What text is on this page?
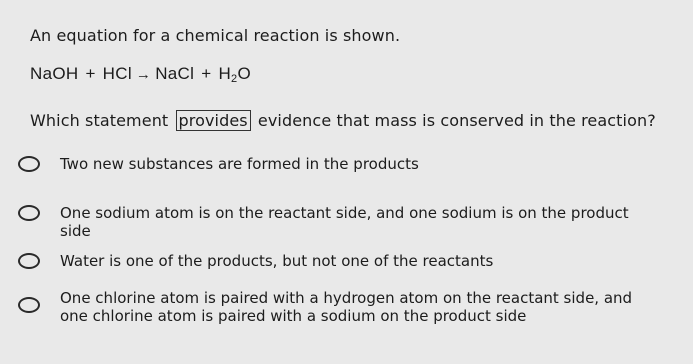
An equation for a chemical reaction is shown.
NaOH + HCl → NaCl + $H_2O$
Which statement provides evidence that mass is conserved in the reaction?
Two new substances are formed in the products
One sodium atom is on the reactant side, and one sodium is on the product side
Water is one of the products, but not one of the reactants
One chlorine atom is paired with a hydrogen atom on the reactant side, and one chlorine atom is paired with a sodium on the product side
